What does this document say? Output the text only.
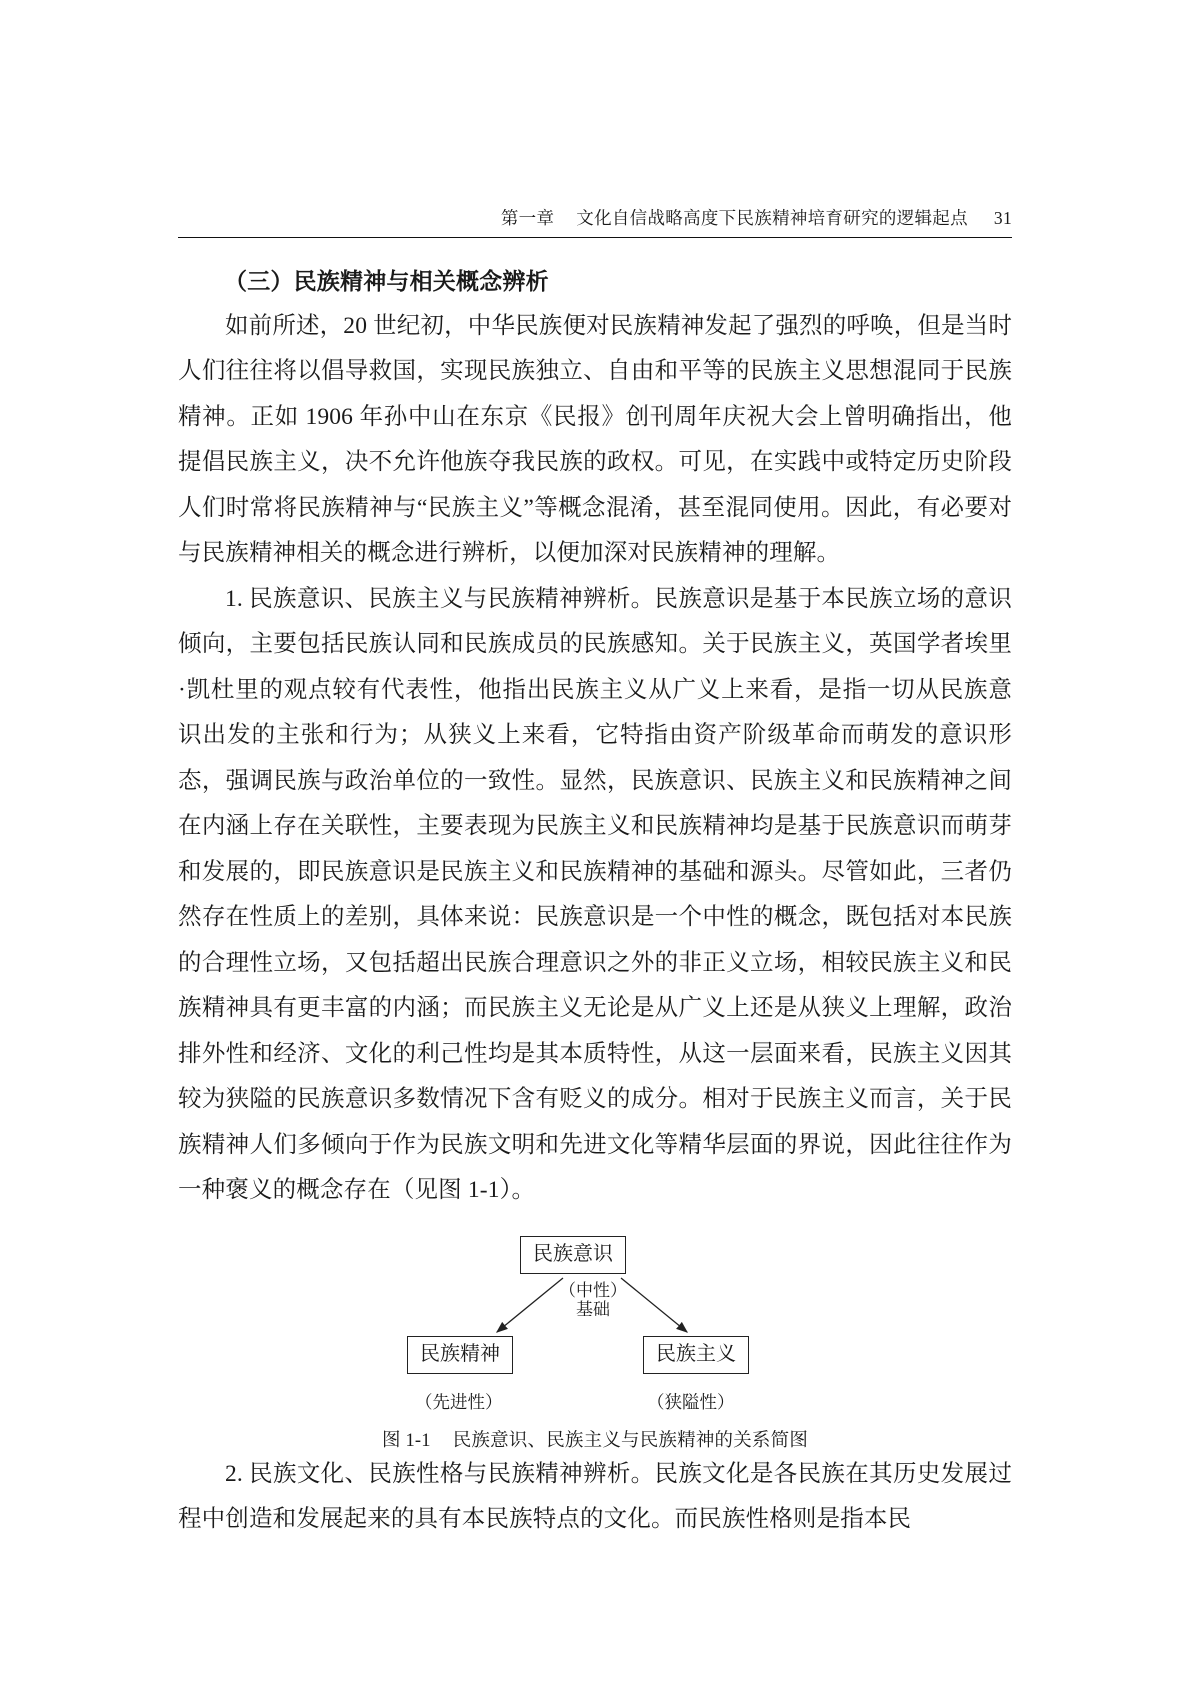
第一章 文化自信战略高度下民族精神培育研究的逻辑起点 31
（三）民族精神与相关概念辨析

如前所述，20 世纪初，中华民族便对民族精神发起了强烈的呼唤，但是当时人们往往将以倡导救国，实现民族独立、自由和平等的民族主义思想混同于民族精神。正如 1906 年孙中山在东京《民报》创刊周年庆祝大会上曾明确指出，他提倡民族主义，决不允许他族夺我民族的政权。可见，在实践中或特定历史阶段人们时常将民族精神与“民族主义”等概念混淆，甚至混同使用。因此，有必要对与民族精神相关的概念进行辨析，以便加深对民族精神的理解。

1. 民族意识、民族主义与民族精神辨析。民族意识是基于本民族立场的意识倾向，主要包括民族认同和民族成员的民族感知。关于民族主义，英国学者埃里·凯杜里的观点较有代表性，他指出民族主义从广义上来看，是指一切从民族意识出发的主张和行为；从狭义上来看，它特指由资产阶级革命而萌发的意识形态，强调民族与政治单位的一致性。显然，民族意识、民族主义和民族精神之间在内涵上存在关联性，主要表现为民族主义和民族精神均是基于民族意识而萌芽和发展的，即民族意识是民族主义和民族精神的基础和源头。尽管如此，三者仍然存在性质上的差别，具体来说：民族意识是一个中性的概念，既包括对本民族的合理性立场，又包括超出民族合理意识之外的非正义立场，相较民族主义和民族精神具有更丰富的内涵；而民族主义无论是从广义上还是从狭义上理解，政治排外性和经济、文化的利己性均是其本质特性，从这一层面来看，民族主义因其较为狭隘的民族意识多数情况下含有贬义的成分。相对于民族主义而言，关于民族精神人们多倾向于作为民族文明和先进文化等精华层面的界说，因此往往作为一种褒义的概念存在（见图 1-1）。

民族意识
（中性）
基础
民族精神	民族主义
（先进性）	（狭隘性）
图 1-1 民族意识、民族主义与民族精神的关系简图

2. 民族文化、民族性格与民族精神辨析。民族文化是各民族在其历史发展过程中创造和发展起来的具有本民族特点的文化。而民族性格则是指本民
